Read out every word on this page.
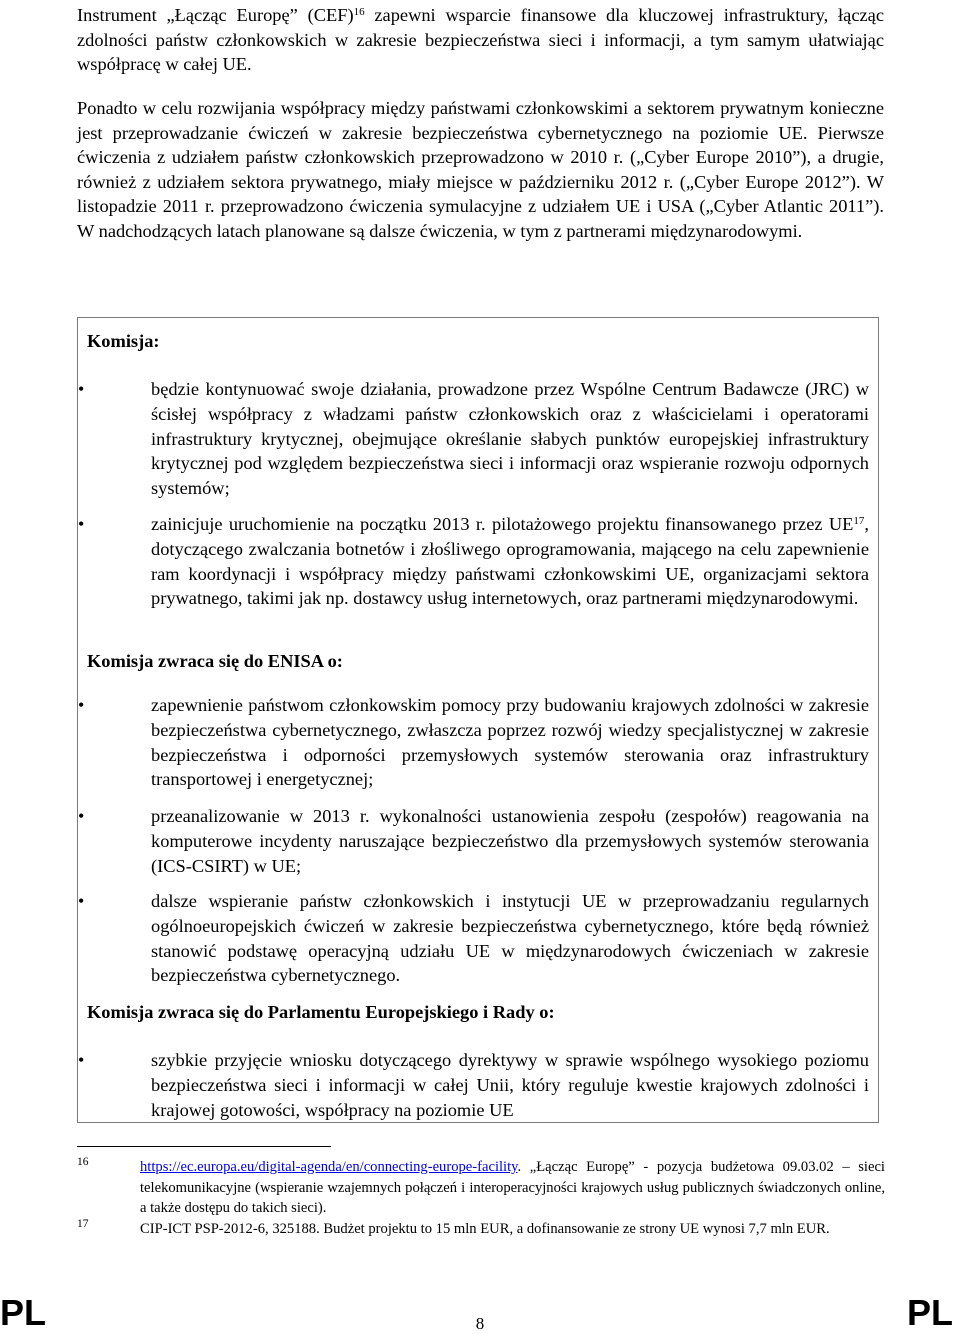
Instrument „Łącząc Europę” (CEF)$^{16}$ zapewni wsparcie finansowe dla kluczowej infrastruktury, łącząc zdolności państw członkowskich w zakresie bezpieczeństwa sieci i informacji, a tym samym ułatwiając współpracę w całej UE.

Ponadto w celu rozwijania współpracy między państwami członkowskimi a sektorem prywatnym konieczne jest przeprowadzanie ćwiczeń w zakresie bezpieczeństwa cybernetycznego na poziomie UE. Pierwsze ćwiczenia z udziałem państw członkowskich przeprowadzono w 2010 r. („Cyber Europe 2010”), a drugie, również z udziałem sektora prywatnego, miały miejsce w październiku 2012 r. („Cyber Europe 2012”). W listopadzie 2011 r. przeprowadzono ćwiczenia symulacyjne z udziałem UE i USA („Cyber Atlantic 2011”). W nadchodzących latach planowane są dalsze ćwiczenia, w tym z partnerami międzynarodowymi.

Komisja:

•	będzie kontynuować swoje działania, prowadzone przez Wspólne Centrum Badawcze (JRC) w ścisłej współpracy z władzami państw członkowskich oraz z właścicielami i operatorami infrastruktury krytycznej, obejmujące określanie słabych punktów europejskiej infrastruktury krytycznej pod względem bezpieczeństwa sieci i informacji oraz wspieranie rozwoju odpornych systemów;

•	zainicjuje uruchomienie na początku 2013 r. pilotażowego projektu finansowanego przez UE$^{17}$, dotyczącego zwalczania botnetów i złośliwego oprogramowania, mającego na celu zapewnienie ram koordynacji i współpracy między państwami członkowskimi UE, organizacjami sektora prywatnego, takimi jak np. dostawcy usług internetowych, oraz partnerami międzynarodowymi.

Komisja zwraca się do ENISA o:

•	zapewnienie państwom członkowskim pomocy przy budowaniu krajowych zdolności w zakresie bezpieczeństwa cybernetycznego, zwłaszcza poprzez rozwój wiedzy specjalistycznej w zakresie bezpieczeństwa i odporności przemysłowych systemów sterowania oraz infrastruktury transportowej i energetycznej;

•	przeanalizowanie w 2013 r. wykonalności ustanowienia zespołu (zespołów) reagowania na komputerowe incydenty naruszające bezpieczeństwo dla przemysłowych systemów sterowania (ICS-CSIRT) w UE;

•	dalsze wspieranie państw członkowskich i instytucji UE w przeprowadzaniu regularnych ogólnoeuropejskich ćwiczeń w zakresie bezpieczeństwa cybernetycznego, które będą również stanowić podstawę operacyjną udziału UE w międzynarodowych ćwiczeniach w zakresie bezpieczeństwa cybernetycznego.

Komisja zwraca się do Parlamentu Europejskiego i Rady o:

•	szybkie przyjęcie wniosku dotyczącego dyrektywy w sprawie wspólnego wysokiego poziomu bezpieczeństwa sieci i informacji w całej Unii, który reguluje kwestie krajowych zdolności i krajowej gotowości, współpracy na poziomie UE

16	https://ec.europa.eu/digital-agenda/en/connecting-europe-facility. „Łącząc Europę” - pozycja budżetowa 09.03.02 – sieci telekomunikacyjne (wspieranie wzajemnych połączeń i interoperacyjności krajowych usług publicznych świadczonych online, a także dostępu do takich sieci).

17	CIP-ICT PSP-2012-6, 325188. Budżet projektu to 15 mln EUR, a dofinansowanie ze strony UE wynosi 7,7 mln EUR.

PL	8	PL
